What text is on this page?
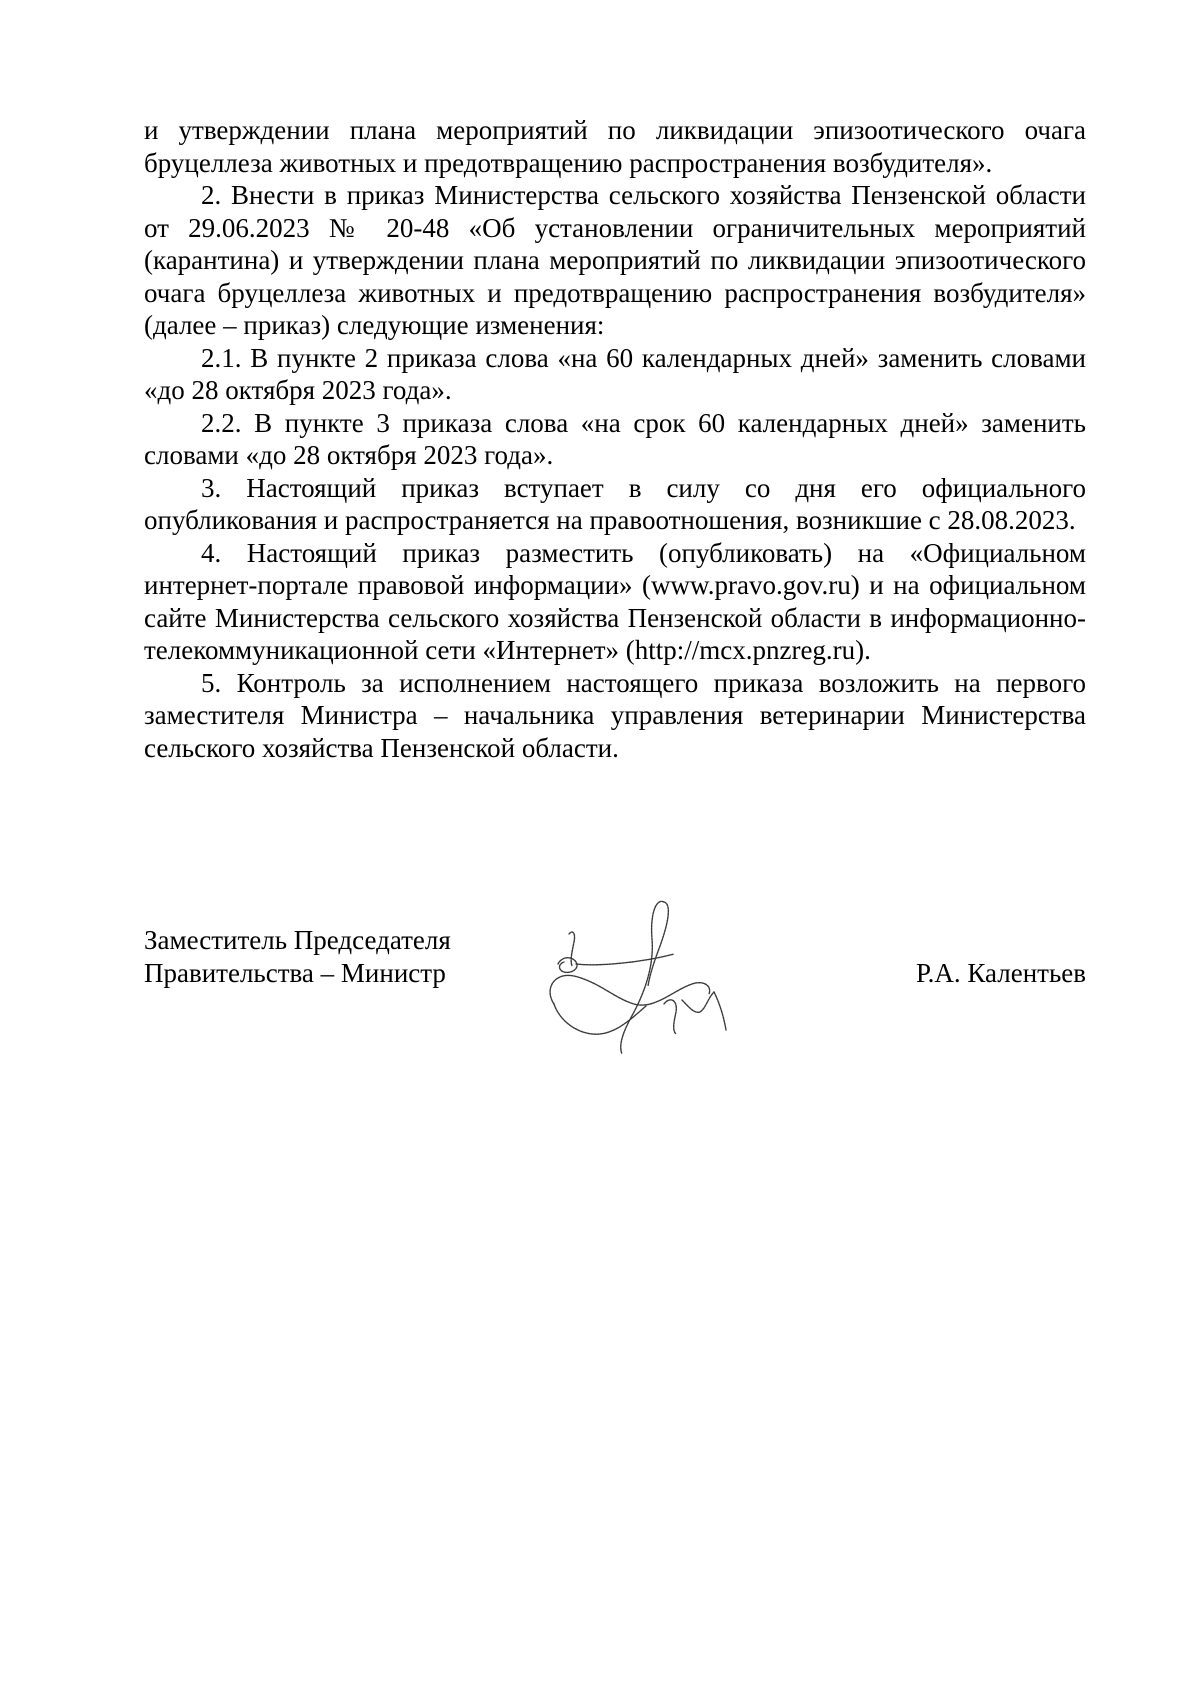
и утверждении плана мероприятий по ликвидации эпизоотического очага бруцеллеза животных и предотвращению распространения возбудителя».

2. Внести в приказ Министерства сельского хозяйства Пензенской области от 29.06.2023 № 20-48 «Об установлении ограничительных мероприятий (карантина) и утверждении плана мероприятий по ликвидации эпизоотического очага бруцеллеза животных и предотвращению распространения возбудителя» (далее – приказ) следующие изменения:

2.1. В пункте 2 приказа слова «на 60 календарных дней» заменить словами «до 28 октября 2023 года».

2.2. В пункте 3 приказа слова «на срок 60 календарных дней» заменить словами «до 28 октября 2023 года».

3. Настоящий приказ вступает в силу со дня его официального опубликования и распространяется на правоотношения, возникшие с 28.08.2023.

4. Настоящий приказ разместить (опубликовать) на «Официальном интернет-портале правовой информации» (www.pravo.gov.ru) и на официальном сайте Министерства сельского хозяйства Пензенской области в информационно-телекоммуникационной сети «Интернет» (http://mcx.pnzreg.ru).

5. Контроль за исполнением настоящего приказа возложить на первого заместителя Министра – начальника управления ветеринарии Министерства сельского хозяйства Пензенской области.

Заместитель Председателя
Правительства – Министр	Р.А. Калентьев
